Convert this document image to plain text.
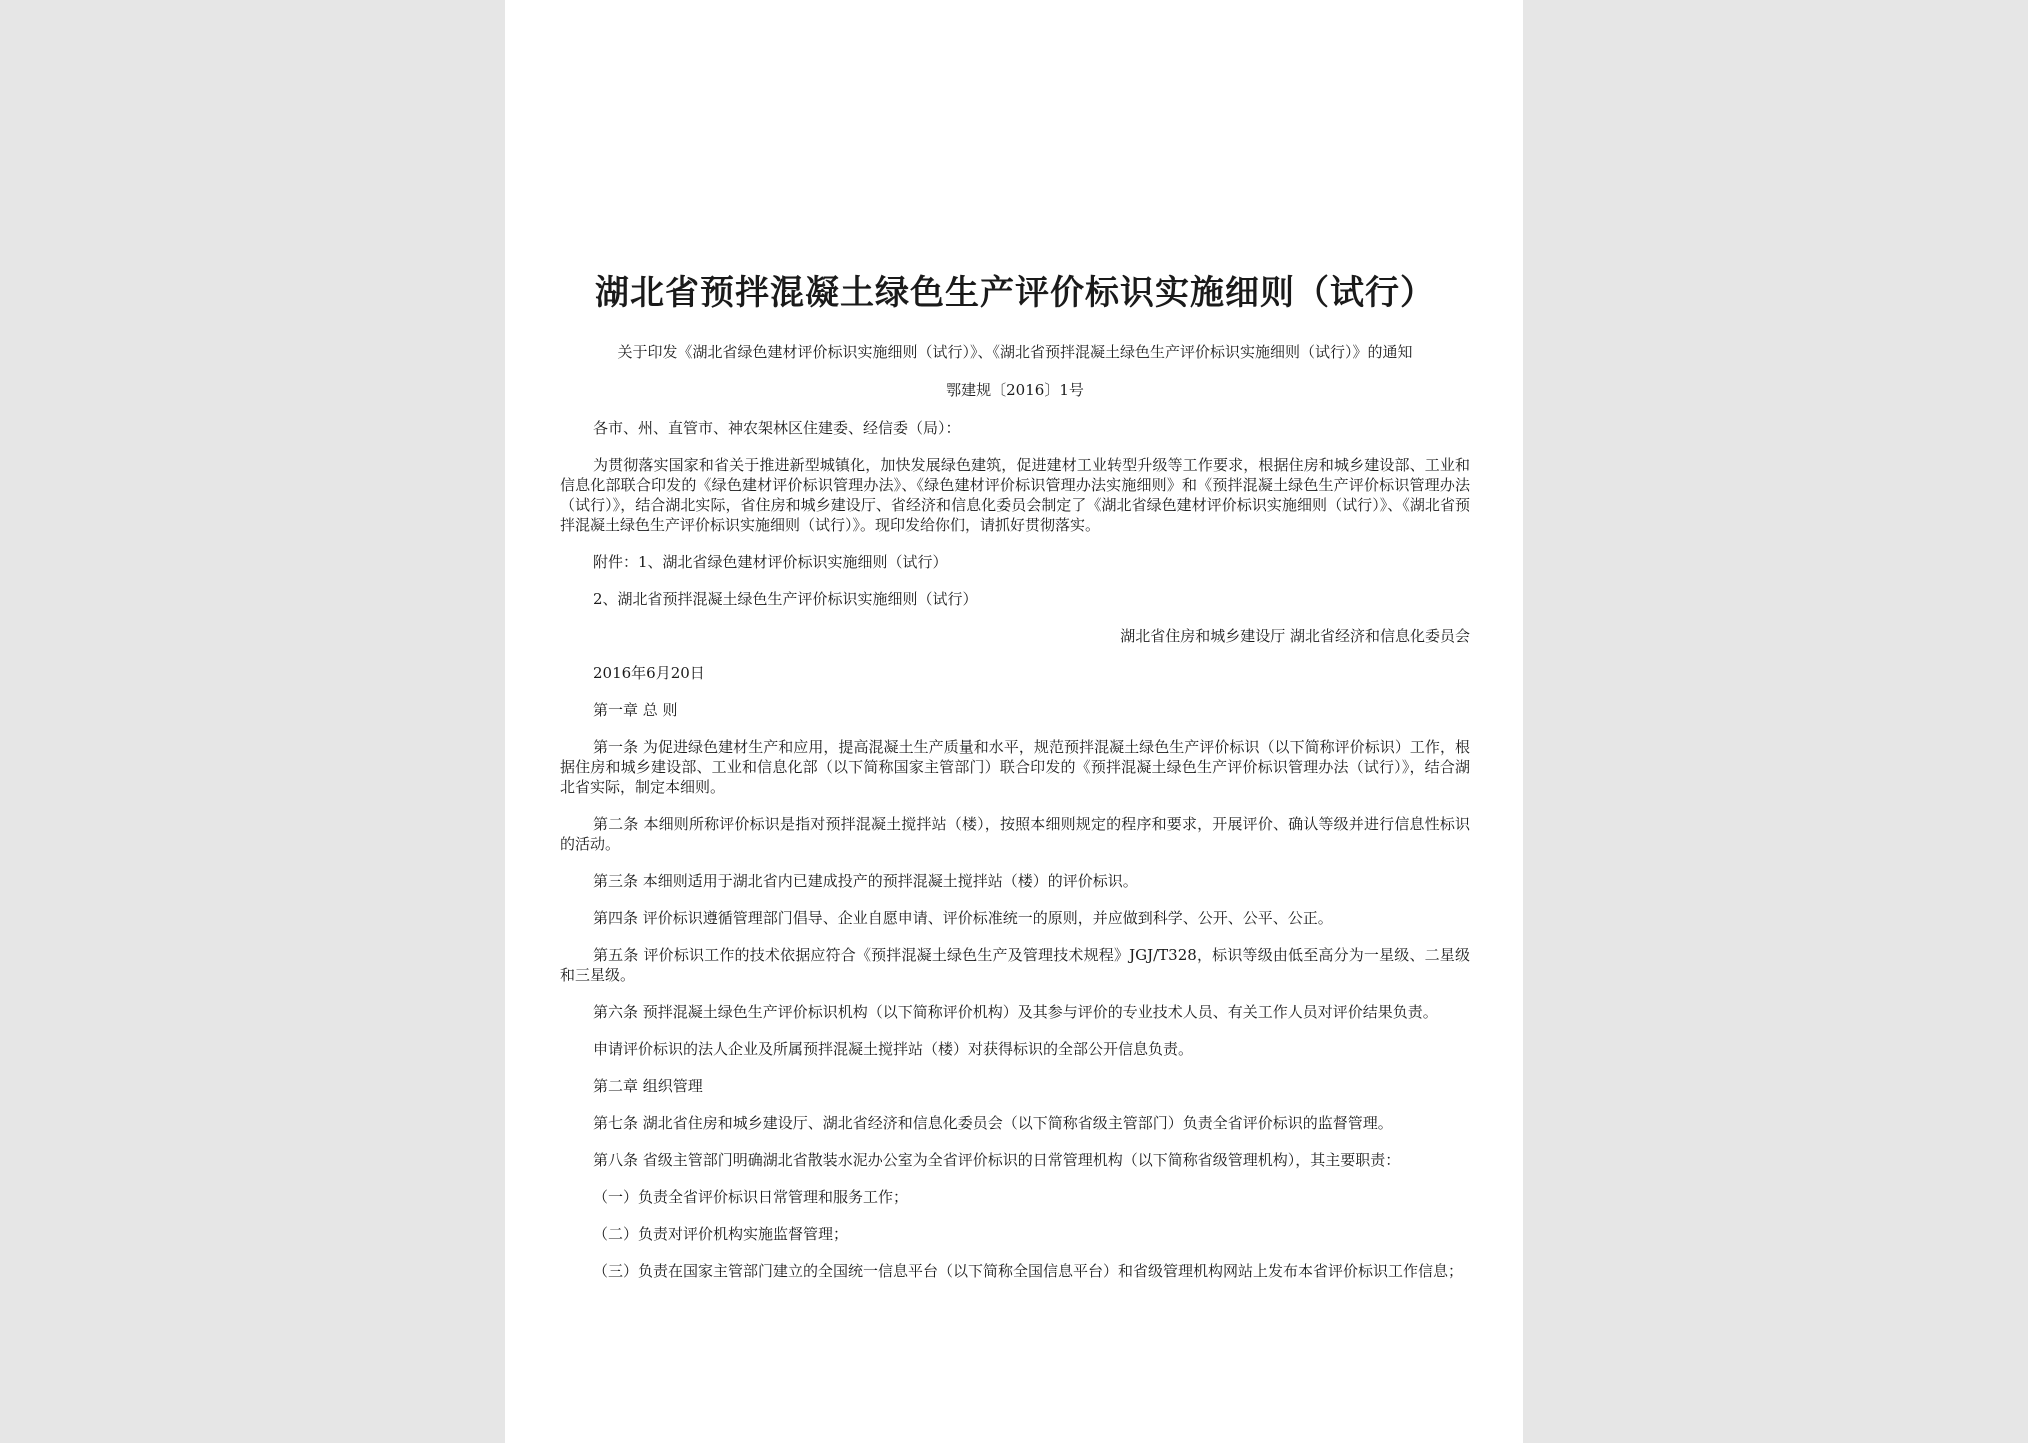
湖北省预拌混凝土绿色生产评价标识实施细则（试行）
关于印发《湖北省绿色建材评价标识实施细则（试行）》、《湖北省预拌混凝土绿色生产评价标识实施细则（试行）》的通知
鄂建规〔2016〕1号

各市、州、直管市、神农架林区住建委、经信委（局）：

为贯彻落实国家和省关于推进新型城镇化，加快发展绿色建筑，促进建材工业转型升级等工作要求，根据住房和城乡建设部、工业和信息化部联合印发的《绿色建材评价标识管理办法》、《绿色建材评价标识管理办法实施细则》和《预拌混凝土绿色生产评价标识管理办法（试行）》，结合湖北实际，省住房和城乡建设厅、省经济和信息化委员会制定了《湖北省绿色建材评价标识实施细则（试行）》、《湖北省预拌混凝土绿色生产评价标识实施细则（试行）》。现印发给你们，请抓好贯彻落实。

附件：1、湖北省绿色建材评价标识实施细则（试行）

2、湖北省预拌混凝土绿色生产评价标识实施细则（试行）

湖北省住房和城乡建设厅 湖北省经济和信息化委员会

2016年6月20日

第一章 总 则

第一条 为促进绿色建材生产和应用，提高混凝土生产质量和水平，规范预拌混凝土绿色生产评价标识（以下简称评价标识）工作，根据住房和城乡建设部、工业和信息化部（以下简称国家主管部门）联合印发的《预拌混凝土绿色生产评价标识管理办法（试行）》，结合湖北省实际，制定本细则。

第二条 本细则所称评价标识是指对预拌混凝土搅拌站（楼），按照本细则规定的程序和要求，开展评价、确认等级并进行信息性标识的活动。

第三条 本细则适用于湖北省内已建成投产的预拌混凝土搅拌站（楼）的评价标识。

第四条 评价标识遵循管理部门倡导、企业自愿申请、评价标准统一的原则，并应做到科学、公开、公平、公正。

第五条 评价标识工作的技术依据应符合《预拌混凝土绿色生产及管理技术规程》JGJ/T328，标识等级由低至高分为一星级、二星级和三星级。

第六条 预拌混凝土绿色生产评价标识机构（以下简称评价机构）及其参与评价的专业技术人员、有关工作人员对评价结果负责。

申请评价标识的法人企业及所属预拌混凝土搅拌站（楼）对获得标识的全部公开信息负责。

第二章 组织管理

第七条 湖北省住房和城乡建设厅、湖北省经济和信息化委员会（以下简称省级主管部门）负责全省评价标识的监督管理。

第八条 省级主管部门明确湖北省散装水泥办公室为全省评价标识的日常管理机构（以下简称省级管理机构），其主要职责：

（一）负责全省评价标识日常管理和服务工作；

（二）负责对评价机构实施监督管理；

（三）负责在国家主管部门建立的全国统一信息平台（以下简称全国信息平台）和省级管理机构网站上发布本省评价标识工作信息；
